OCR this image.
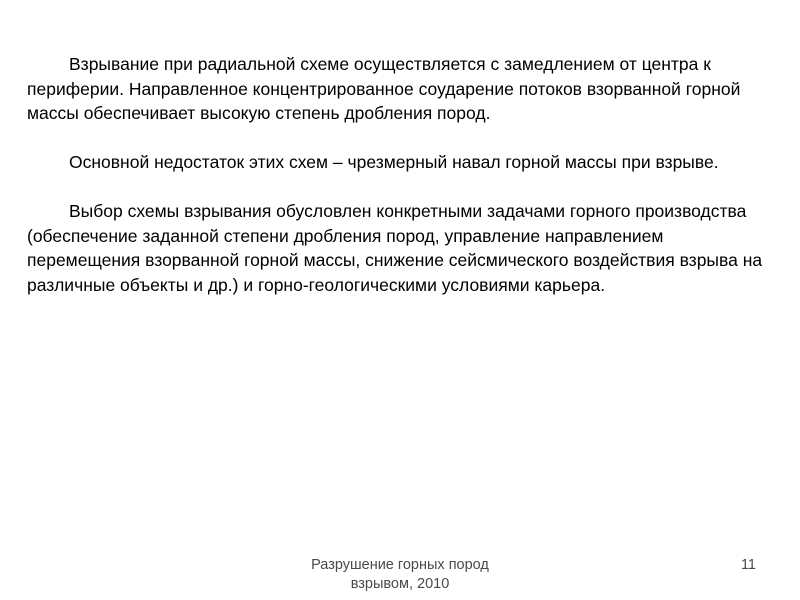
Взрывание при радиальной схеме осуществляется с замедлением от центра к периферии. Направленное концентрированное соударение потоков взорванной горной массы обеспечивает высокую степень дробления пород.

Основной недостаток этих схем – чрезмерный навал горной массы при взрыве.

Выбор схемы взрывания обусловлен конкретными задачами горного производства (обеспечение заданной степени дробления пород, управление направлением перемещения взорванной горной массы, снижение сейсмического воздействия взрыва на различные объекты и др.) и горно-геологическими условиями карьера.

Разрушение горных пород
взрывом, 2010
11
